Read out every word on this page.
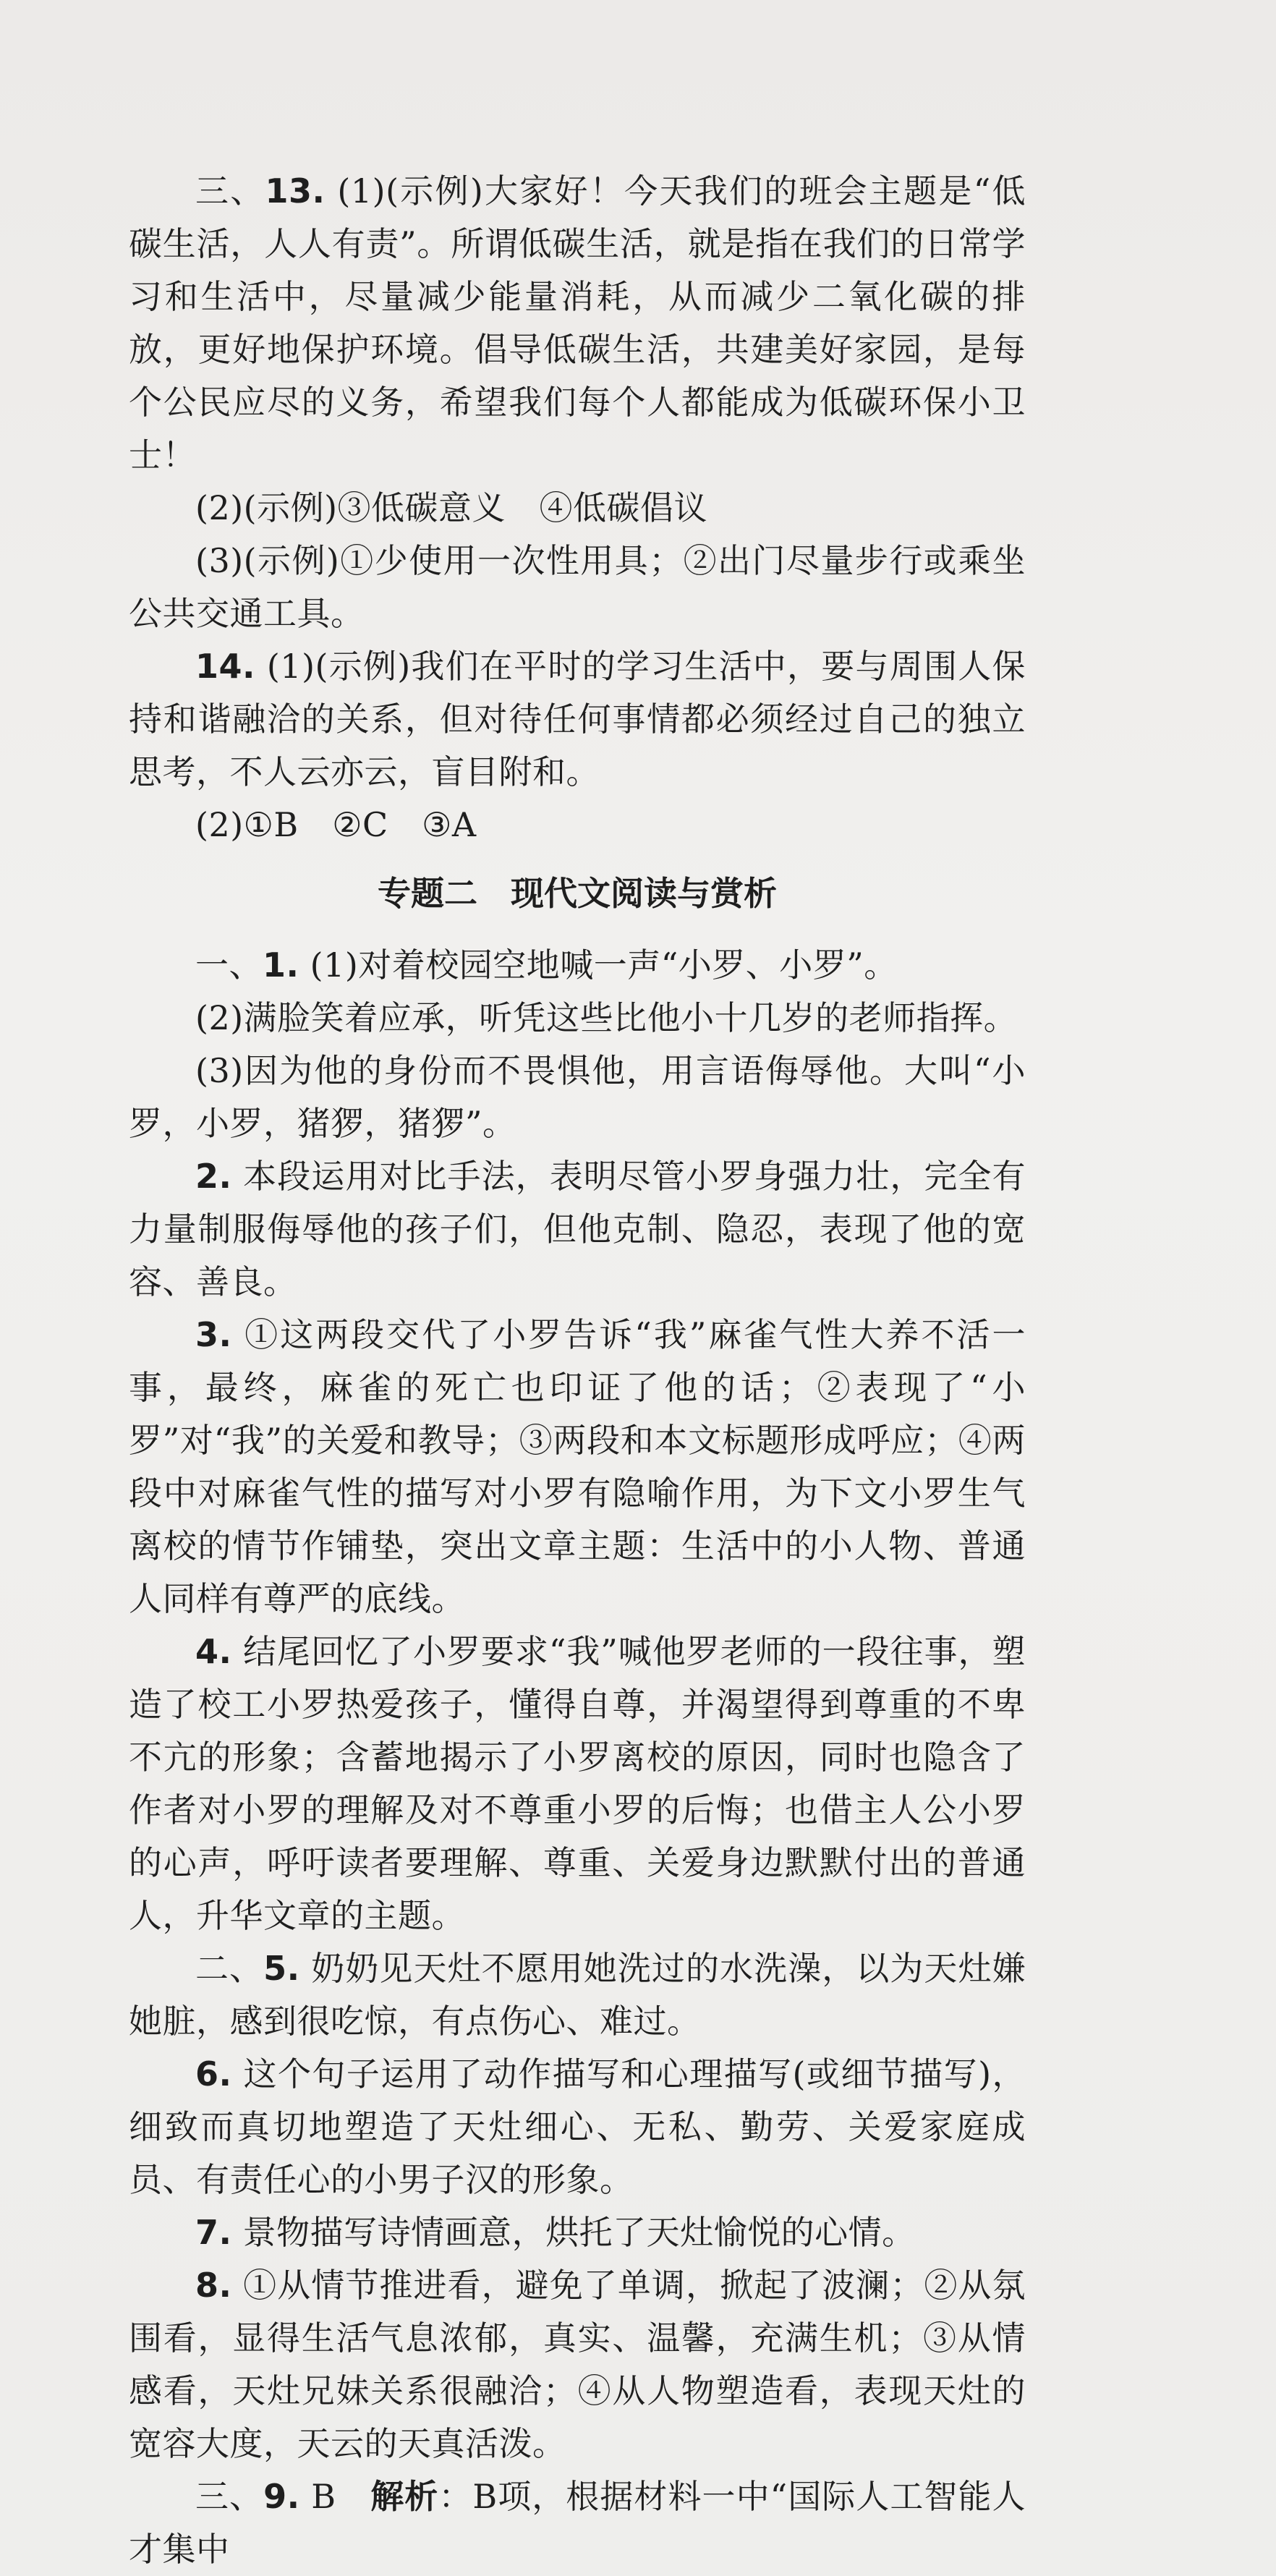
三、13. (1)(示例)大家好！今天我们的班会主题是“低碳生活，人人有责”。所谓低碳生活，就是指在我们的日常学习和生活中，尽量减少能量消耗，从而减少二氧化碳的排放，更好地保护环境。倡导低碳生活，共建美好家园，是每个公民应尽的义务，希望我们每个人都能成为低碳环保小卫士！

(2)(示例)③低碳意义　④低碳倡议

(3)(示例)①少使用一次性用具；②出门尽量步行或乘坐公共交通工具。

14. (1)(示例)我们在平时的学习生活中，要与周围人保持和谐融洽的关系，但对待任何事情都必须经过自己的独立思考，不人云亦云，盲目附和。

(2)①B　②C　③A

专题二　现代文阅读与赏析

一、1. (1)对着校园空地喊一声“小罗、小罗”。

(2)满脸笑着应承，听凭这些比他小十几岁的老师指挥。

(3)因为他的身份而不畏惧他，用言语侮辱他。大叫“小罗，小罗，猪猡，猪猡”。

2. 本段运用对比手法，表明尽管小罗身强力壮，完全有力量制服侮辱他的孩子们，但他克制、隐忍，表现了他的宽容、善良。

3. ①这两段交代了小罗告诉“我”麻雀气性大养不活一事，最终，麻雀的死亡也印证了他的话；②表现了“小罗”对“我”的关爱和教导；③两段和本文标题形成呼应；④两段中对麻雀气性的描写对小罗有隐喻作用，为下文小罗生气离校的情节作铺垫，突出文章主题：生活中的小人物、普通人同样有尊严的底线。

4. 结尾回忆了小罗要求“我”喊他罗老师的一段往事，塑造了校工小罗热爱孩子，懂得自尊，并渴望得到尊重的不卑不亢的形象；含蓄地揭示了小罗离校的原因，同时也隐含了作者对小罗的理解及对不尊重小罗的后悔；也借主人公小罗的心声，呼吁读者要理解、尊重、关爱身边默默付出的普通人，升华文章的主题。

二、5. 奶奶见天灶不愿用她洗过的水洗澡，以为天灶嫌她脏，感到很吃惊，有点伤心、难过。

6. 这个句子运用了动作描写和心理描写(或细节描写)，细致而真切地塑造了天灶细心、无私、勤劳、关爱家庭成员、有责任心的小男子汉的形象。

7. 景物描写诗情画意，烘托了天灶愉悦的心情。

8. ①从情节推进看，避免了单调，掀起了波澜；②从氛围看，显得生活气息浓郁，真实、温馨，充满生机；③从情感看，天灶兄妹关系很融洽；④从人物塑造看，表现天灶的宽容大度，天云的天真活泼。

三、9. B　解析：B项，根据材料一中“国际人工智能人才集中
